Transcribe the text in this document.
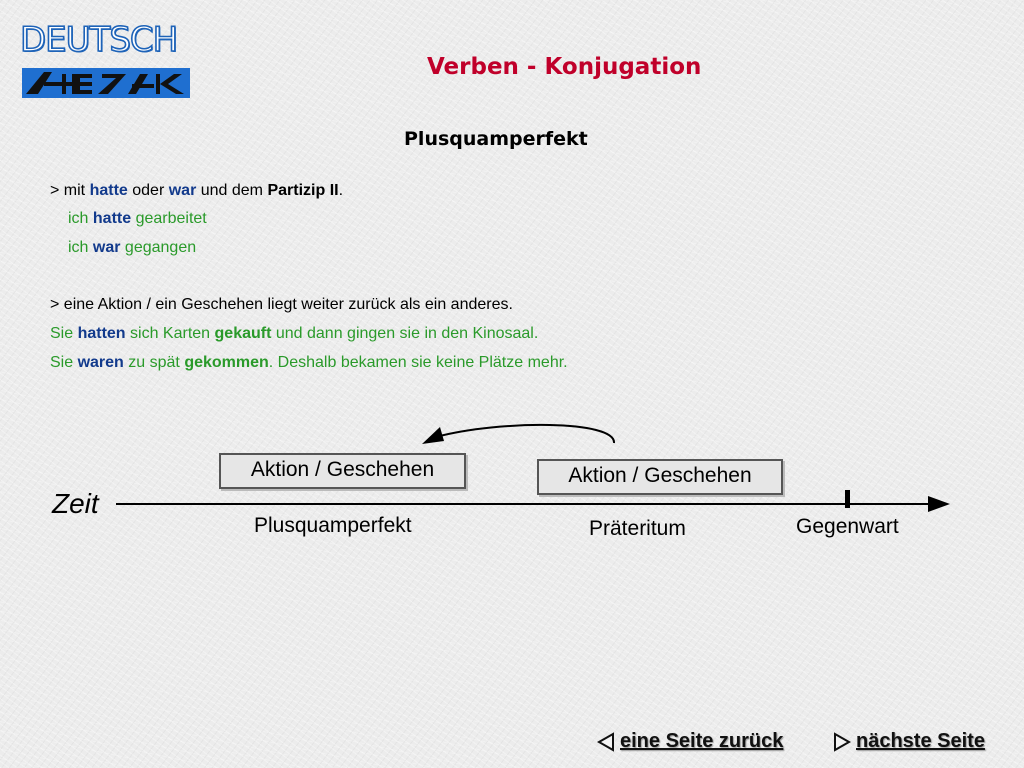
DEUTSCH
Verben - Konjugation
Plusquamperfekt
> mit hatte oder war und dem Partizip II.
ich hatte gearbeitet
ich war gegangen
> eine Aktion / ein Geschehen liegt weiter zurück als ein anderes.
Sie hatten sich Karten gekauft und dann gingen sie in den Kinosaal.
Sie waren zu spät gekommen. Deshalb bekamen sie keine Plätze mehr.
Zeit
Aktion / Geschehen	Aktion / Geschehen
Plusquamperfekt	Präteritum	Gegenwart
eine Seite zurück	nächste Seite
